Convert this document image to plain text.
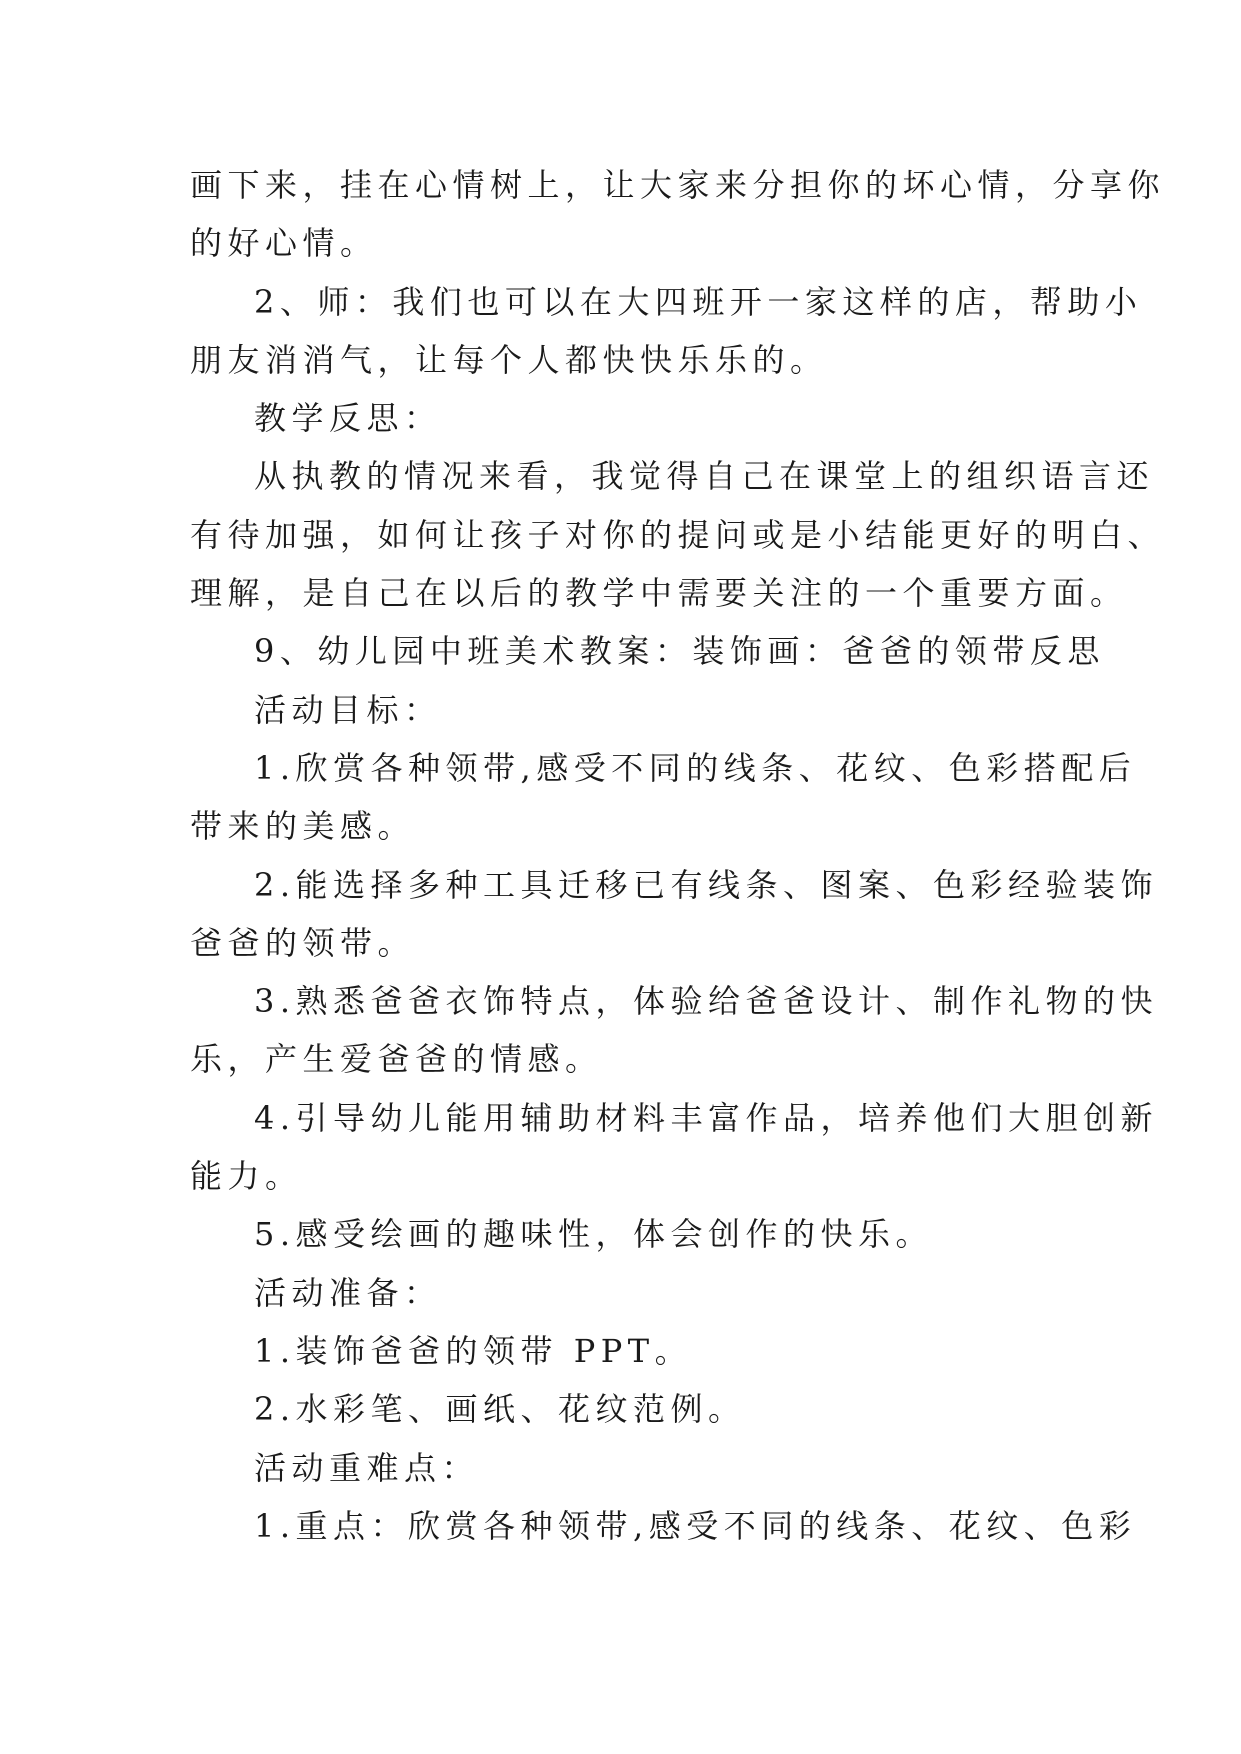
画下来，挂在心情树上，让大家来分担你的坏心情，分享你
的好心情。
2、师：我们也可以在大四班开一家这样的店，帮助小
朋友消消气，让每个人都快快乐乐的。
教学反思：
从执教的情况来看，我觉得自己在课堂上的组织语言还
有待加强，如何让孩子对你的提问或是小结能更好的明白、
理解，是自己在以后的教学中需要关注的一个重要方面。
9、幼儿园中班美术教案：装饰画：爸爸的领带反思
活动目标：
1.欣赏各种领带,感受不同的线条、花纹、色彩搭配后
带来的美感。
2.能选择多种工具迁移已有线条、图案、色彩经验装饰
爸爸的领带。
3.熟悉爸爸衣饰特点，体验给爸爸设计、制作礼物的快
乐，产生爱爸爸的情感。
4.引导幼儿能用辅助材料丰富作品，培养他们大胆创新
能力。
5.感受绘画的趣味性，体会创作的快乐。
活动准备：
1.装饰爸爸的领带 PPT。
2.水彩笔、画纸、花纹范例。
活动重难点：
1.重点：欣赏各种领带,感受不同的线条、花纹、色彩
